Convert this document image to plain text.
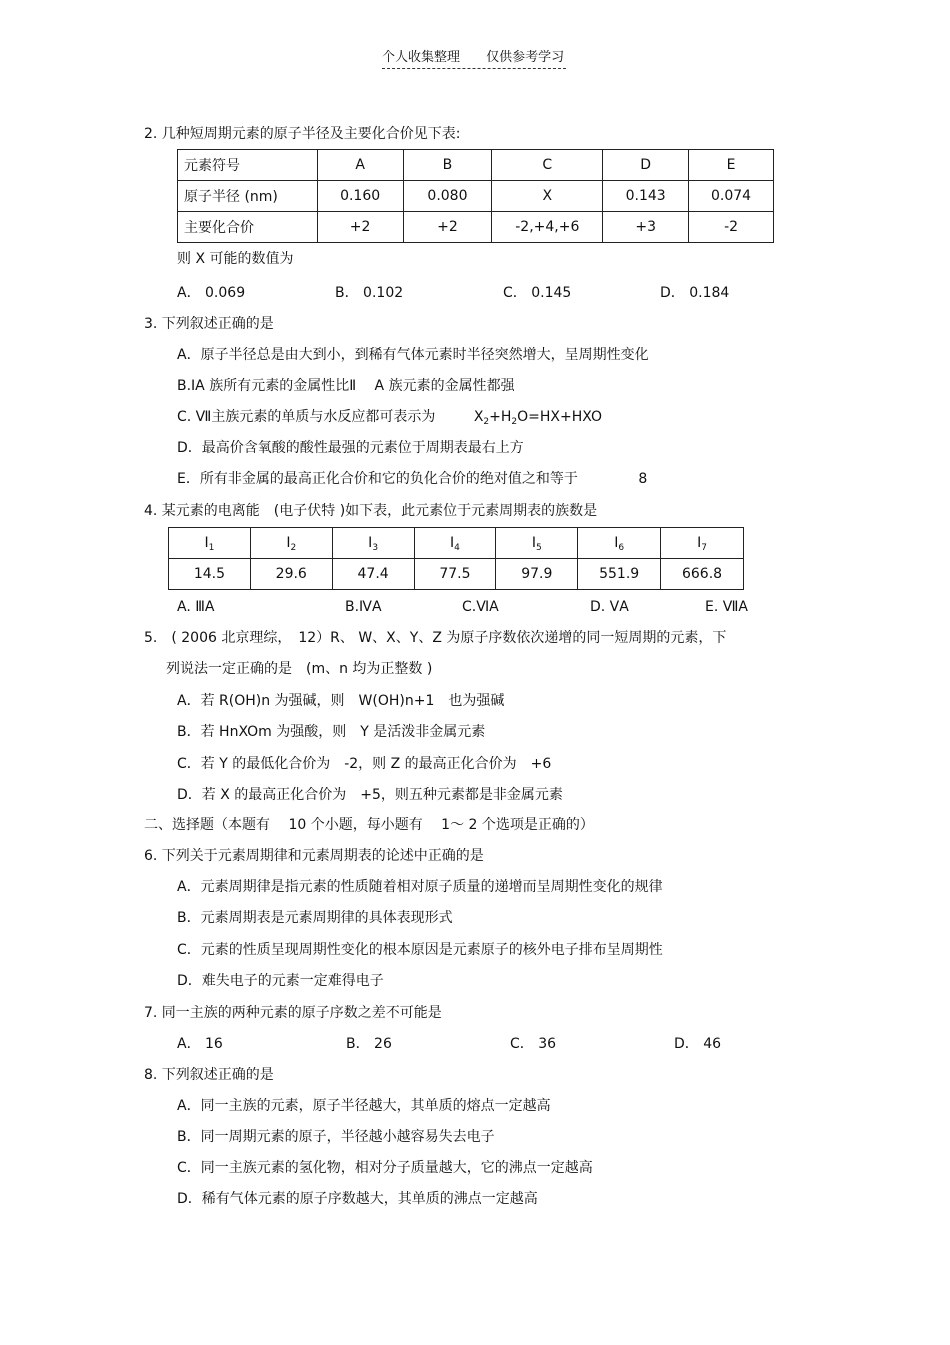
个人收集整理 仅供参考学习
2. 几种短周期元素的原子半径及主要化合价见下表:
元素符号	A	B	C	D	E
原子半径 (nm)	0.160	0.080	X	0.143	0.074
主要化合价	+2	+2	-2,+4,+6	+3	-2
则 X 可能的数值为
A． 0.069	B． 0.102	C． 0.145	D． 0.184
3. 下列叙述正确的是
A．原子半径总是由大到小，到稀有气体元素时半径突然增大，呈周期性变化
B.ⅠA 族所有元素的金属性比Ⅱ　 A 族元素的金属性都强
C. Ⅶ主族元素的单质与水反应都可表示为	$X_2+H_2O=HX+HXO$
D．最高价含氧酸的酸性最强的元素位于周期表最右上方
E．所有非金属的最高正化合价和它的负化合价的绝对值之和等于	8
4. 某元素的电离能　(电子伏特 )如下表，此元素位于元素周期表的族数是
$I_1$	$I_2$	$I_3$	$I_4$	$I_5$	$I_6$	$I_7$
14.5	29.6	47.4	77.5	97.9	551.9	666.8
A. ⅢA	B.ⅣA	C.ⅥA	D. ⅤA	E. ⅦA
5.　( 2006 北京理综，　12）R、 W、X、Y、Z 为原子序数依次递增的同一短周期的元素，下
列说法一定正确的是　(m、n 均为正整数 )
A．若 R(OH)n 为强碱，则　W(OH)n+1　也为强碱
B．若 HnXOm 为强酸，则　Y 是活泼非金属元素
C．若 Y 的最低化合价为　-2，则 Z 的最高正化合价为　+6
D．若 X 的最高正化合价为　+5，则五种元素都是非金属元素
二、选择题（本题有　 10 个小题，每小题有　 1～ 2 个选项是正确的）
6. 下列关于元素周期律和元素周期表的论述中正确的是
A．元素周期律是指元素的性质随着相对原子质量的递增而呈周期性变化的规律
B．元素周期表是元素周期律的具体表现形式
C．元素的性质呈现周期性变化的根本原因是元素原子的核外电子排布呈周期性
D．难失电子的元素一定难得电子
7. 同一主族的两种元素的原子序数之差不可能是
A． 16	B． 26	C． 36	D． 46
8. 下列叙述正确的是
A．同一主族的元素，原子半径越大，其单质的熔点一定越高
B．同一周期元素的原子，半径越小越容易失去电子
C．同一主族元素的氢化物，相对分子质量越大，它的沸点一定越高
D．稀有气体元素的原子序数越大，其单质的沸点一定越高
